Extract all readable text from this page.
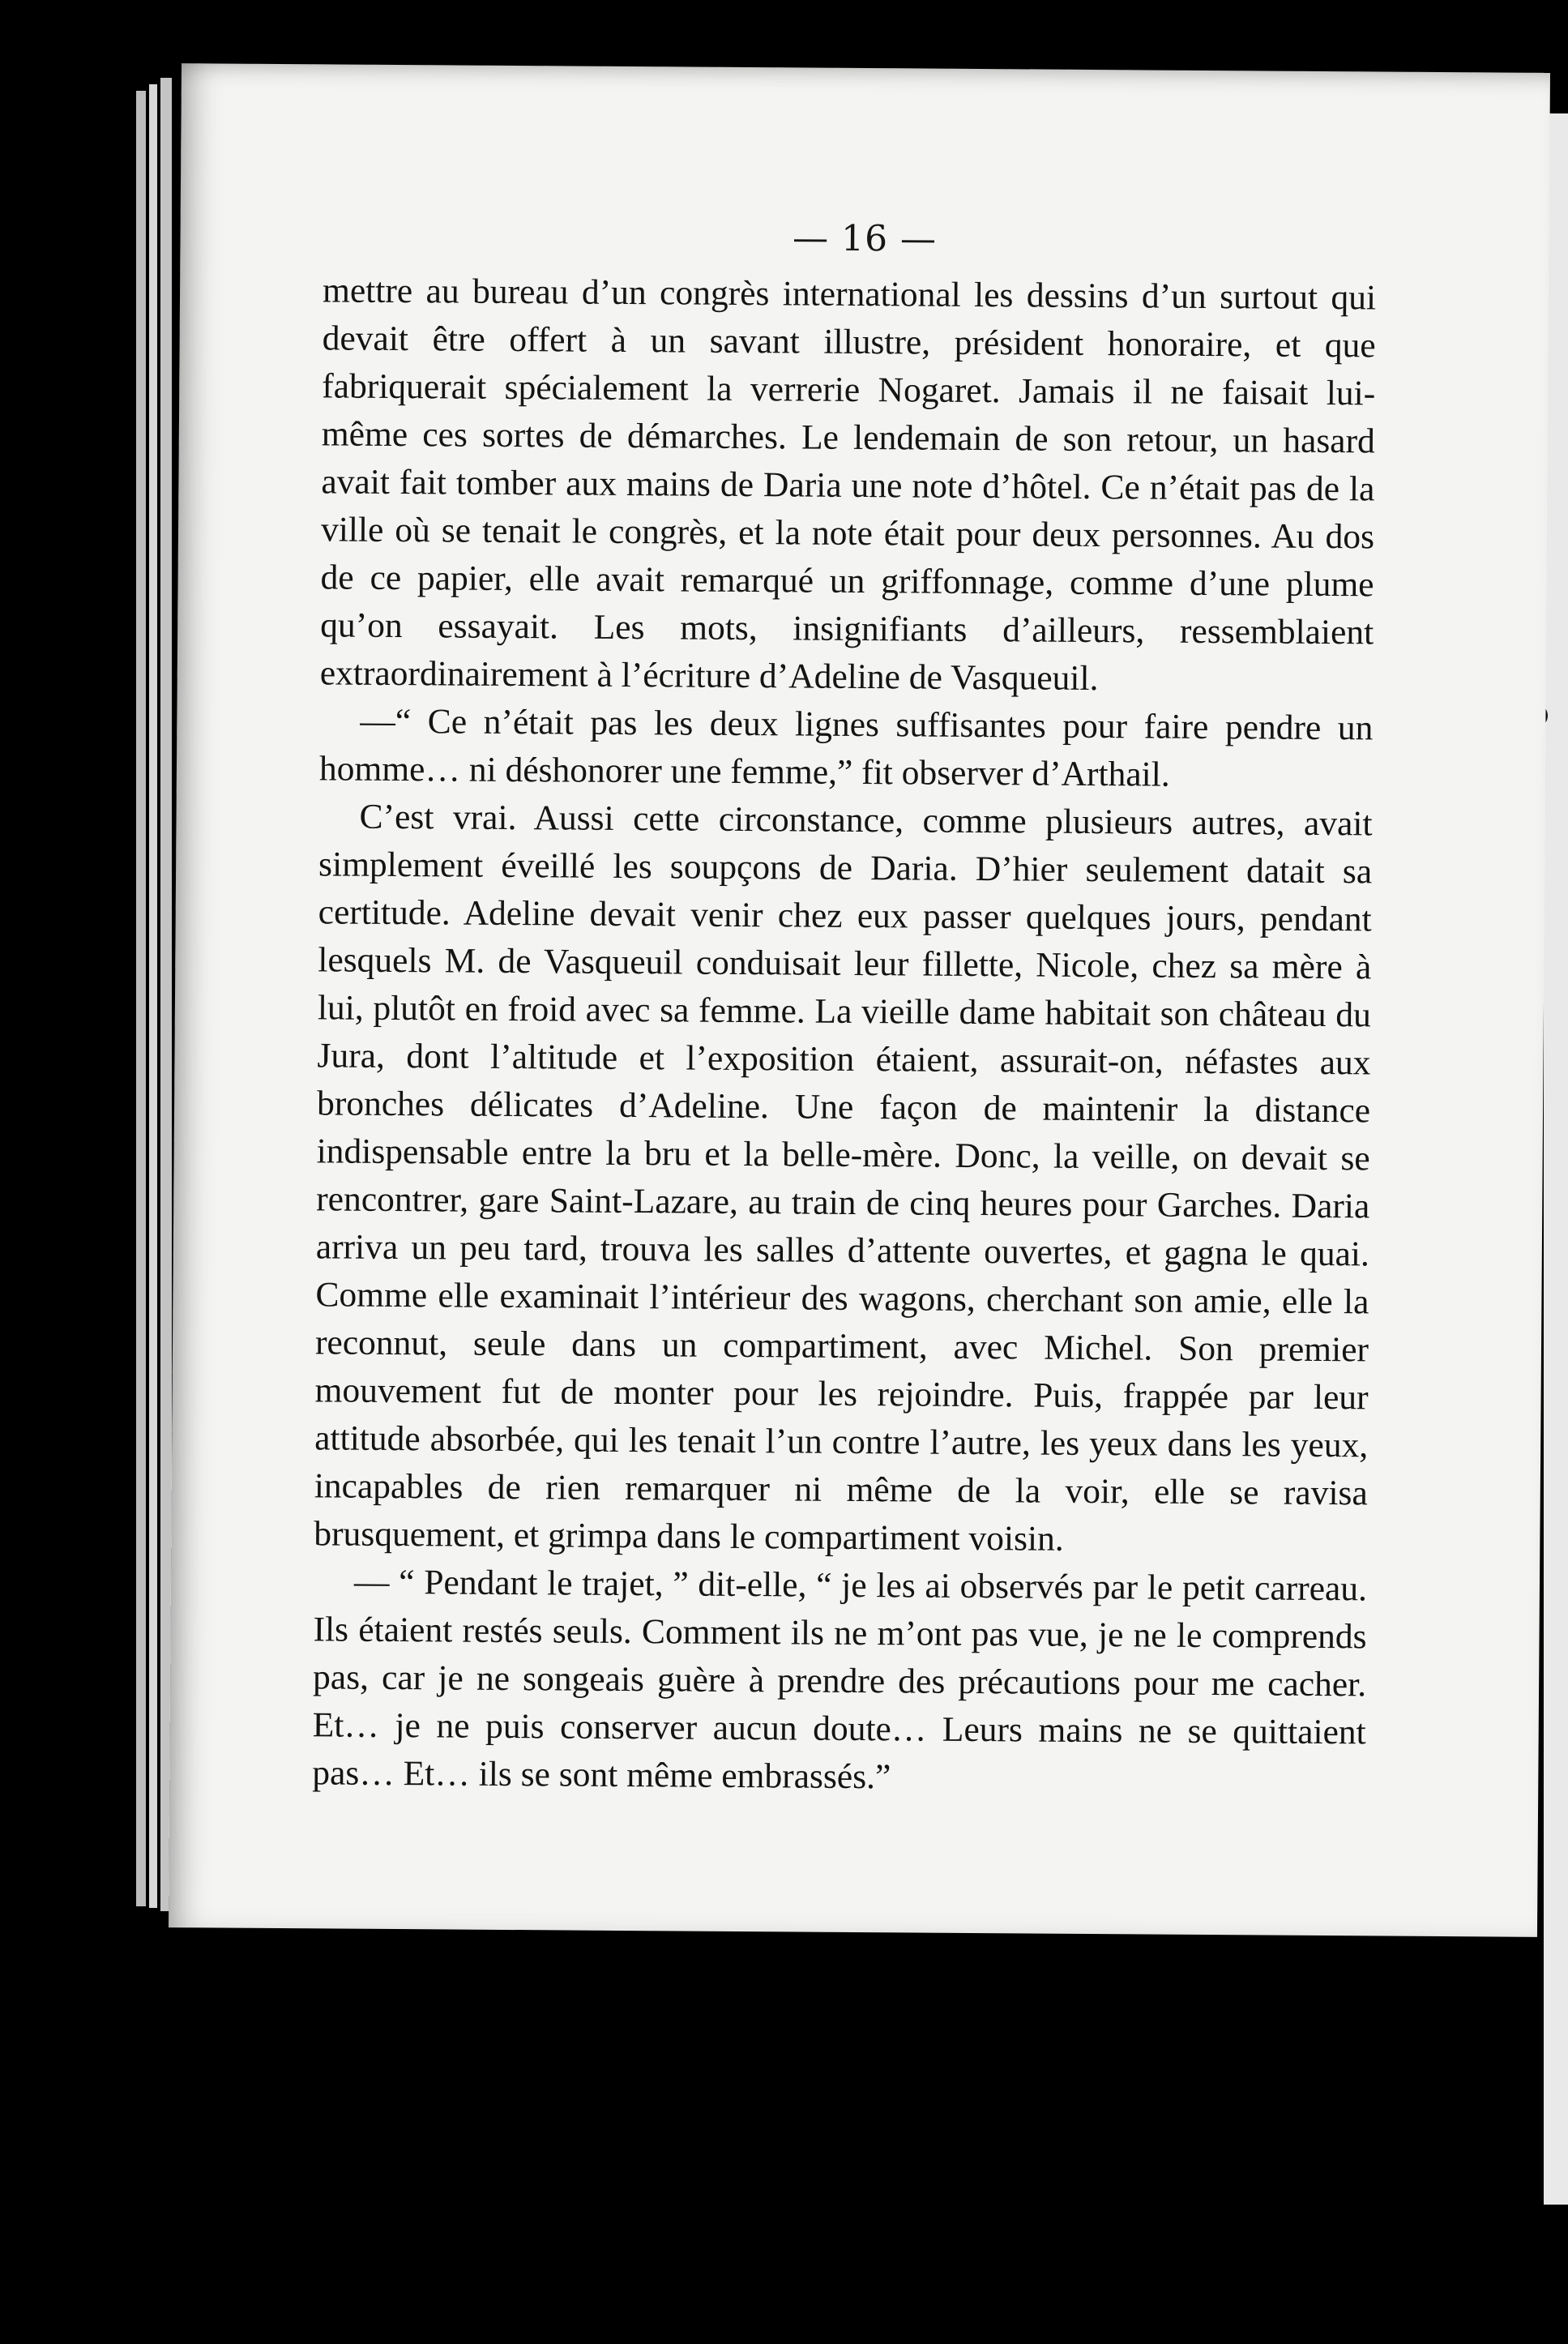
— 16 —

mettre au bureau d’un congrès international les dessins d’un surtout qui devait être offert à un savant illustre, président honoraire, et que fabriquerait spécialement la verrerie Nogaret. Jamais il ne faisait lui-même ces sortes de démarches. Le lendemain de son retour, un hasard avait fait tomber aux mains de Daria une note d’hôtel. Ce n’était pas de la ville où se tenait le congrès, et la note était pour deux personnes. Au dos de ce papier, elle avait remarqué un griffonnage, comme d’une plume qu’on essayait. Les mots, insignifiants d’ailleurs, ressemblaient extraordinairement à l’écriture d’Adeline de Vasqueuil.

—“ Ce n’était pas les deux lignes suffisantes pour faire pendre un homme… ni déshonorer une femme,” fit observer d’Arthail.

C’est vrai. Aussi cette circonstance, comme plusieurs autres, avait simplement éveillé les soupçons de Daria. D’hier seulement datait sa certitude. Adeline devait venir chez eux passer quelques jours, pendant lesquels M. de Vasqueuil conduisait leur fillette, Nicole, chez sa mère à lui, plutôt en froid avec sa femme. La vieille dame habitait son château du Jura, dont l’altitude et l’exposition étaient, assurait-on, néfastes aux bronches délicates d’Adeline. Une façon de maintenir la distance indispensable entre la bru et la belle-mère. Donc, la veille, on devait se rencontrer, gare Saint-Lazare, au train de cinq heures pour Garches. Daria arriva un peu tard, trouva les salles d’attente ouvertes, et gagna le quai. Comme elle examinait l’intérieur des wagons, cherchant son amie, elle la reconnut, seule dans un compartiment, avec Michel. Son premier mouvement fut de monter pour les rejoindre. Puis, frappée par leur attitude absorbée, qui les tenait l’un contre l’autre, les yeux dans les yeux, incapables de rien remarquer ni même de la voir, elle se ravisa brusquement, et grimpa dans le compartiment voisin.

— “ Pendant le trajet, ” dit-elle, “ je les ai observés par le petit carreau. Ils étaient restés seuls. Comment ils ne m’ont pas vue, je ne le comprends pas, car je ne songeais guère à prendre des précautions pour me cacher. Et… je ne puis conserver aucun doute… Leurs mains ne se quittaient pas… Et… ils se sont même embrassés.”
